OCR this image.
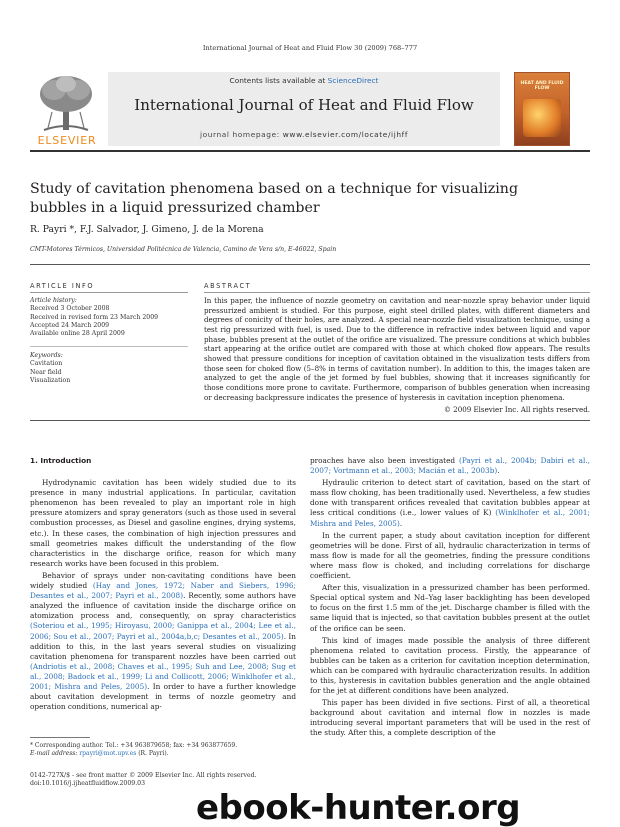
International Journal of Heat and Fluid Flow 30 (2009) 768–777
ELSEVIER
Contents lists available at ScienceDirect
International Journal of Heat and Fluid Flow
journal homepage: www.elsevier.com/locate/ijhff
HEAT AND FLUID FLOW
Study of cavitation phenomena based on a technique for visualizing bubbles in a liquid pressurized chamber
R. Payri *, F.J. Salvador, J. Gimeno, J. de la Morena
CMT-Motores Térmicos, Universidad Politécnica de Valencia, Camino de Vera s/n, E-46022, Spain
ARTICLE INFO
Article history:
Received 3 October 2008
Received in revised form 23 March 2009
Accepted 24 March 2009
Available online 28 April 2009
Keywords:
Cavitation
Near field
Visualization
ABSTRACT
In this paper, the influence of nozzle geometry on cavitation and near-nozzle spray behavior under liquid pressurized ambient is studied. For this purpose, eight steel drilled plates, with different diameters and degrees of conicity of their holes, are analyzed. A special near-nozzle field visualization technique, using a test rig pressurized with fuel, is used. Due to the difference in refractive index between liquid and vapor phase, bubbles present at the outlet of the orifice are visualized. The pressure conditions at which bubbles start appearing at the orifice outlet are compared with those at which choked flow appears. The results showed that pressure conditions for inception of cavitation obtained in the visualization tests differs from those seen for choked flow (5–8% in terms of cavitation number). In addition to this, the images taken are analyzed to get the angle of the jet formed by fuel bubbles, showing that it increases significantly for those conditions more prone to cavitate. Furthermore, comparison of bubbles generation when increasing or decreasing backpressure indicates the presence of hysteresis in cavitation inception phenomena.
© 2009 Elsevier Inc. All rights reserved.
1. Introduction

Hydrodynamic cavitation has been widely studied due to its presence in many industrial applications. In particular, cavitation phenomenon has been revealed to play an important role in high pressure atomizers and spray generators (such as those used in several combustion processes, as Diesel and gasoline engines, drying systems, etc.). In these cases, the combination of high injection pressures and small geometries makes difficult the understanding of the flow characteristics in the discharge orifice, reason for which many research works have been focused in this problem.

Behavior of sprays under non-cavitating conditions have been widely studied (Hay and Jones, 1972; Naber and Siebers, 1996; Desantes et al., 2007; Payri et al., 2008). Recently, some authors have analyzed the influence of cavitation inside the discharge orifice on atomization process and, consequently, on spray characteristics (Soteriou et al., 1995; Hiroyasu, 2000; Ganippa et al., 2004; Lee et al., 2006; Sou et al., 2007; Payri et al., 2004a,b,c; Desantes et al., 2005). In addition to this, in the last years several studies on visualizing cavitation phenomena for transparent nozzles have been carried out (Andriotis et al., 2008; Chaves et al., 1995; Suh and Lee, 2008; Sug et al., 2008; Badock et al., 1999; Li and Collicott, 2006; Winklhofer et al., 2001; Mishra and Peles, 2005). In order to have a further knowledge about cavitation development in terms of nozzle geometry and operation conditions, numerical ap-

proaches have also been investigated (Payri et al., 2004b; Dabiri et al., 2007; Vortmann et al., 2003; Macián et al., 2003b).

Hydraulic criterion to detect start of cavitation, based on the start of mass flow choking, has been traditionally used. Nevertheless, a few studies done with transparent orifices revealed that cavitation bubbles appear at less critical conditions (i.e., lower values of K) (Winklhofer et al., 2001; Mishra and Peles, 2005).

In the current paper, a study about cavitation inception for different geometries will be done. First of all, hydraulic characterization in terms of mass flow is made for all the geometries, finding the pressure conditions where mass flow is choked, and including correlations for discharge coefficient.

After this, visualization in a pressurized chamber has been performed. Special optical system and Nd–Yag laser backlighting has been developed to focus on the first 1.5 mm of the jet. Discharge chamber is filled with the same liquid that is injected, so that cavitation bubbles present at the outlet of the orifice can be seen.

This kind of images made possible the analysis of three different phenomena related to cavitation process. Firstly, the appearance of bubbles can be taken as a criterion for cavitation inception determination, which can be compared with hydraulic characterization results. In addition to this, hysteresis in cavitation bubbles generation and the angle obtained for the jet at different conditions have been analyzed.

This paper has been divided in five sections. First of all, a theoretical background about cavitation and internal flow in nozzles is made introducing several important parameters that will be used in the rest of the study. After this, a complete description of the

* Corresponding author. Tel.: +34 963879658; fax: +34 963877659.
E-mail address: rpayri@mot.upv.es (R. Payri).
0142-727X/$ - see front matter © 2009 Elsevier Inc. All rights reserved.
doi:10.1016/j.ijheatfluidflow.2009.03
ebook-hunter.org
